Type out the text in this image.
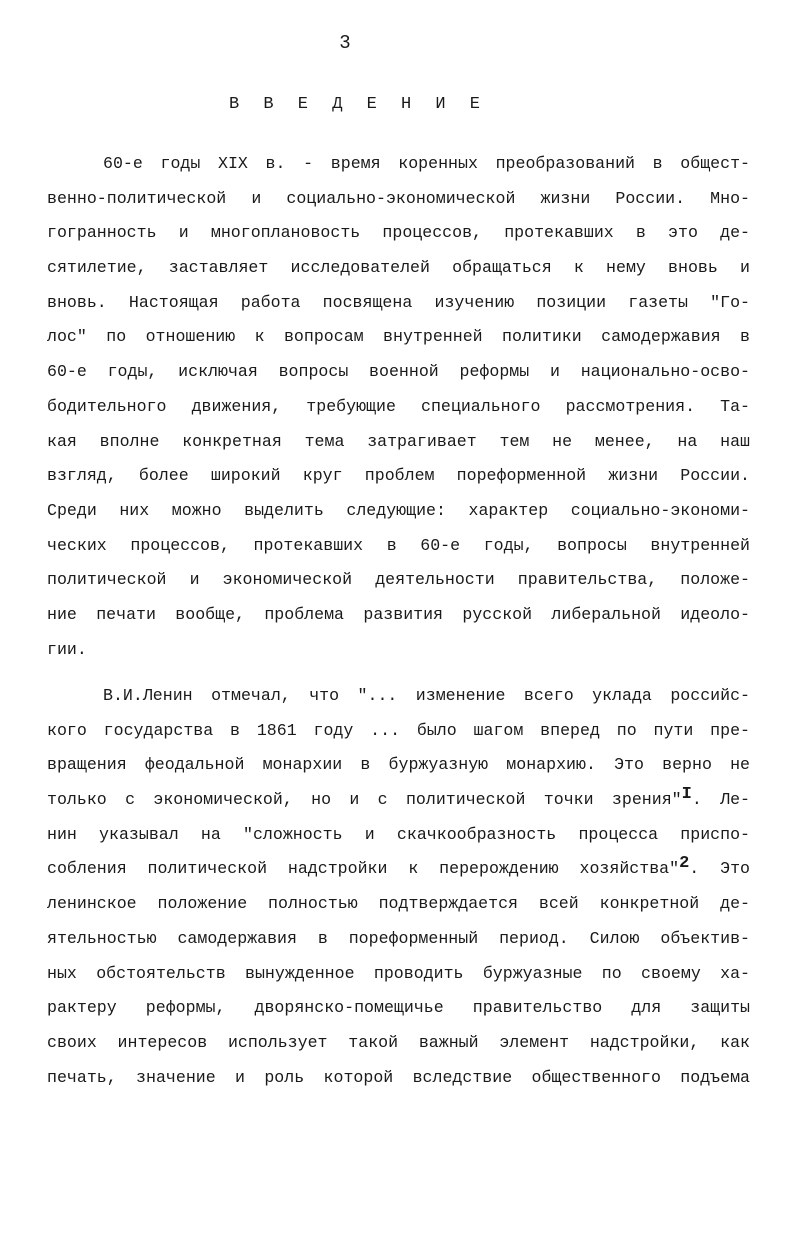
3
В В Е Д Е Н И Е
60-е годы XIX в. - время коренных преобразований в общест-
венно-политической и социально-экономической жизни России. Мно-
гогранность и многоплановость процессов, протекавших в это де-
сятилетие, заставляет исследователей обращаться к нему вновь и
вновь. Настоящая работа посвящена изучению позиции газеты "Го-
лос" по отношению к вопросам внутренней политики самодержавия в
60-е годы, исключая вопросы военной реформы и национально-осво-
бодительного движения, требующие специального рассмотрения. Та-
кая вполне конкретная тема затрагивает тем не менее, на наш
взгляд, более широкий круг проблем пореформенной жизни России.
Среди них можно выделить следующие: характер социально-экономи-
ческих процессов, протекавших в 60-е годы, вопросы внутренней
политической и экономической деятельности правительства, положе-
ние печати вообще, проблема развития русской либеральной идеоло-
гии.
В.И.Ленин отмечал, что "... изменение всего уклада российс-
кого государства в 1861 году ... было шагом вперед по пути пре-
вращения феодальной монархии в буржуазную монархию. Это верно не
только с экономической, но и с политической точки зрения"$^I$. Ле-
нин указывал на "сложность и скачкообразность процесса приспо-
собления политической надстройки к перерождению хозяйства"$^2$. Это
ленинское положение полностью подтверждается всей конкретной де-
ятельностью самодержавия в пореформенный период. Силою объектив-
ных обстоятельств вынужденное проводить буржуазные по своему ха-
рактеру реформы, дворянско-помещичье правительство для защиты
своих интересов использует такой важный элемент надстройки, как
печать, значение и роль которой вследствие общественного подъема
